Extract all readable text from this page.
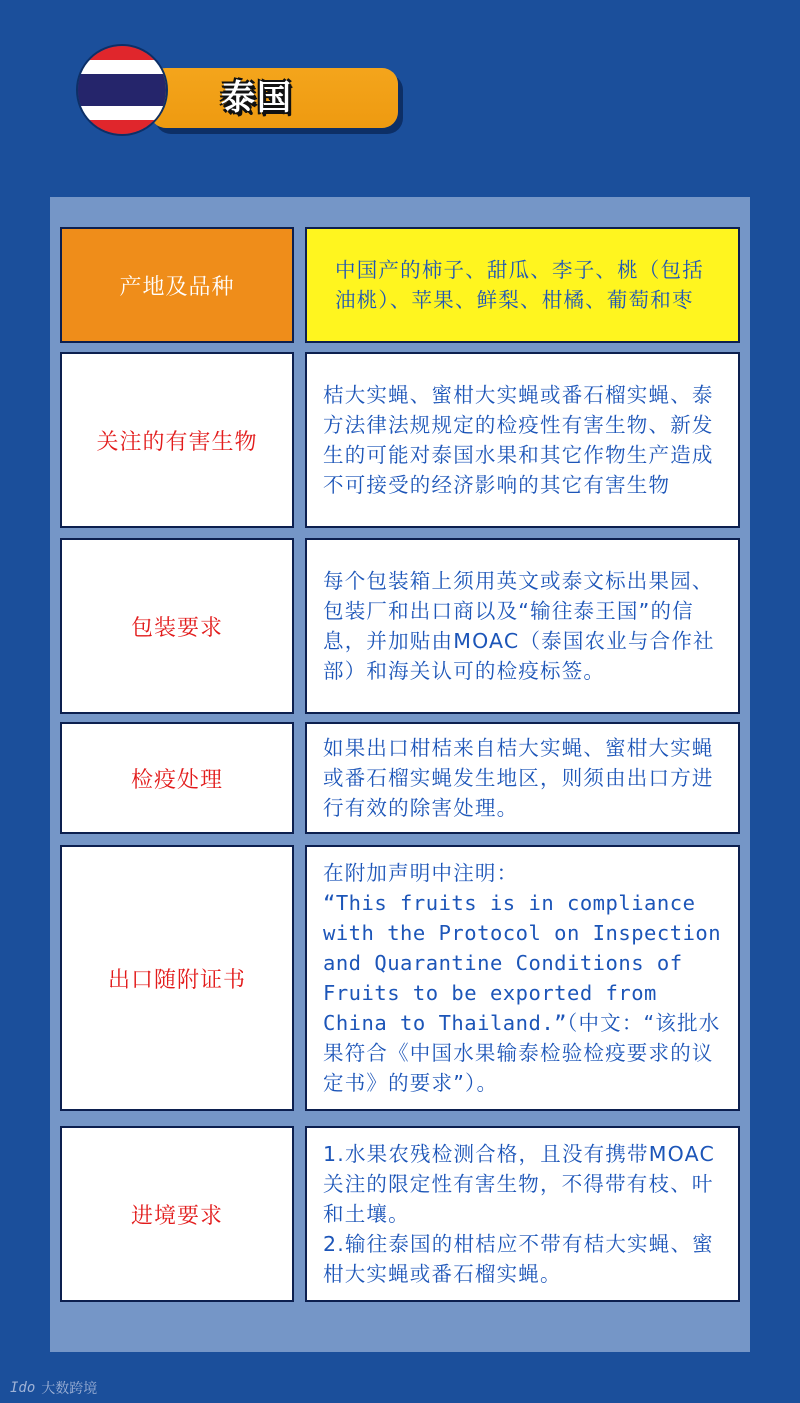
泰国
产地及品种
中国产的柿子、甜瓜、李子、桃（包括油桃）、苹果、鲜梨、柑橘、葡萄和枣
关注的有害生物
桔大实蝇、蜜柑大实蝇或番石榴实蝇、泰方法律法规规定的检疫性有害生物、新发生的可能对泰国水果和其它作物生产造成不可接受的经济影响的其它有害生物
包装要求
每个包装箱上须用英文或泰文标出果园、包装厂和出口商以及“输往泰王国”的信息，并加贴由MOAC（泰国农业与合作社部）和海关认可的检疫标签。
检疫处理
如果出口柑桔来自桔大实蝇、蜜柑大实蝇或番石榴实蝇发生地区，则须由出口方进行有效的除害处理。
出口随附证书
在附加声明中注明：
“This fruits is in compliance with the Protocol on Inspection and Quarantine Conditions of Fruits to be exported from China to Thailand.”（中文：“该批水果符合《中国水果输泰检验检疫要求的议定书》的要求”）。
进境要求
1.水果农残检测合格，且没有携带MOAC关注的限定性有害生物，不得带有枝、叶和土壤。
2.输往泰国的柑桔应不带有桔大实蝇、蜜柑大实蝇或番石榴实蝇。
Ido 大数跨境
